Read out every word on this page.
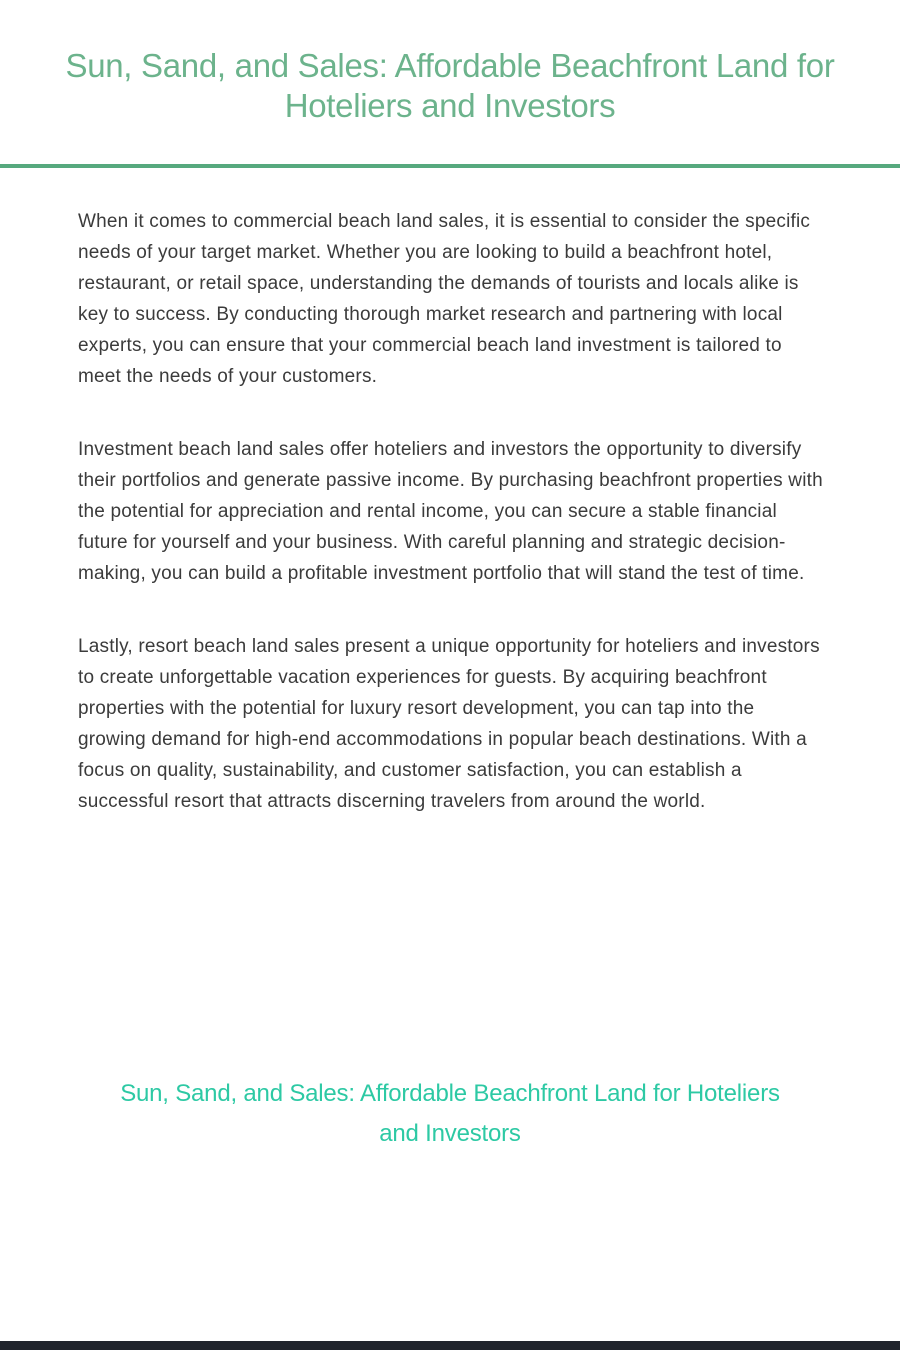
Sun, Sand, and Sales: Affordable Beachfront Land for Hoteliers and Investors

When it comes to commercial beach land sales, it is essential to consider the specific needs of your target market. Whether you are looking to build a beachfront hotel, restaurant, or retail space, understanding the demands of tourists and locals alike is key to success. By conducting thorough market research and partnering with local experts, you can ensure that your commercial beach land investment is tailored to meet the needs of your customers.

Investment beach land sales offer hoteliers and investors the opportunity to diversify their portfolios and generate passive income. By purchasing beachfront properties with the potential for appreciation and rental income, you can secure a stable financial future for yourself and your business. With careful planning and strategic decision-making, you can build a profitable investment portfolio that will stand the test of time.

Lastly, resort beach land sales present a unique opportunity for hoteliers and investors to create unforgettable vacation experiences for guests. By acquiring beachfront properties with the potential for luxury resort development, you can tap into the growing demand for high-end accommodations in popular beach destinations. With a focus on quality, sustainability, and customer satisfaction, you can establish a successful resort that attracts discerning travelers from around the world.

Sun, Sand, and Sales: Affordable Beachfront Land for Hoteliers and Investors
